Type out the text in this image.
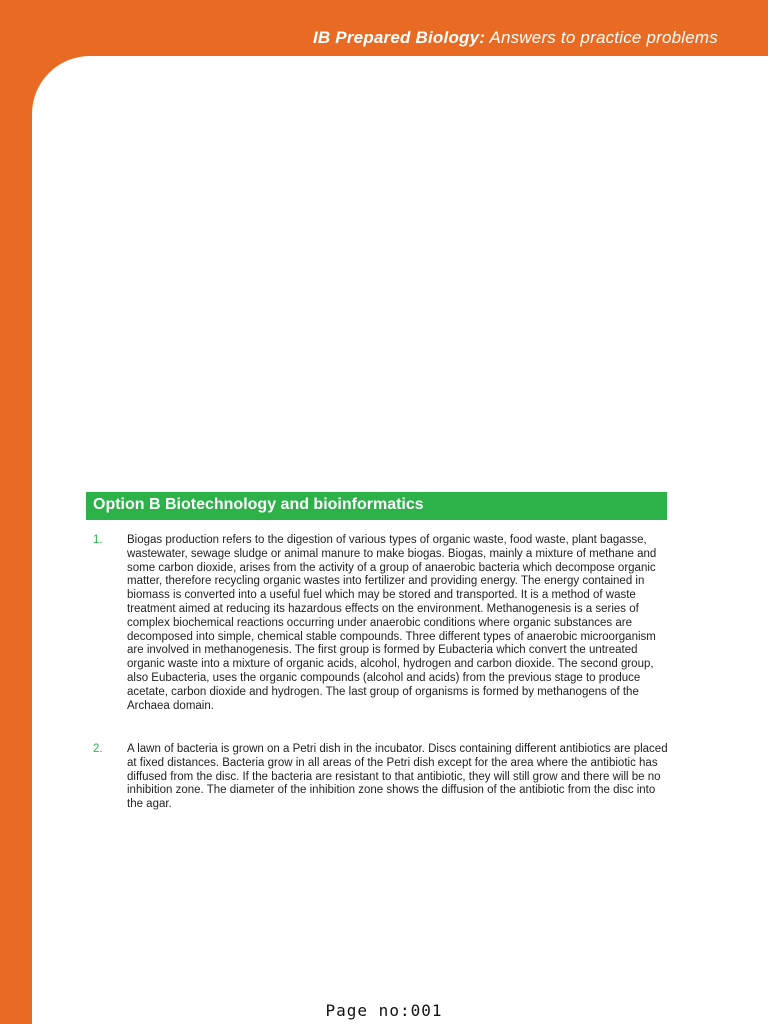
IB Prepared Biology: Answers to practice problems
Option B Biotechnology and bioinformatics
1. Biogas production refers to the digestion of various types of organic waste, food waste, plant bagasse, wastewater, sewage sludge or animal manure to make biogas. Biogas, mainly a mixture of methane and some carbon dioxide, arises from the activity of a group of anaerobic bacteria which decompose organic matter, therefore recycling organic wastes into fertilizer and providing energy. The energy contained in biomass is converted into a useful fuel which may be stored and transported. It is a method of waste treatment aimed at reducing its hazardous effects on the environment. Methanogenesis is a series of complex biochemical reactions occurring under anaerobic conditions where organic substances are decomposed into simple, chemical stable compounds. Three different types of anaerobic microorganism are involved in methanogenesis. The first group is formed by Eubacteria which convert the untreated organic waste into a mixture of organic acids, alcohol, hydrogen and carbon dioxide. The second group, also Eubacteria, uses the organic compounds (alcohol and acids) from the previous stage to produce acetate, carbon dioxide and hydrogen. The last group of organisms is formed by methanogens of the Archaea domain.
2. A lawn of bacteria is grown on a Petri dish in the incubator. Discs containing different antibiotics are placed at fixed distances. Bacteria grow in all areas of the Petri dish except for the area where the antibiotic has diffused from the disc. If the bacteria are resistant to that antibiotic, they will still grow and there will be no inhibition zone. The diameter of the inhibition zone shows the diffusion of the antibiotic from the disc into the agar.
Page no:001
